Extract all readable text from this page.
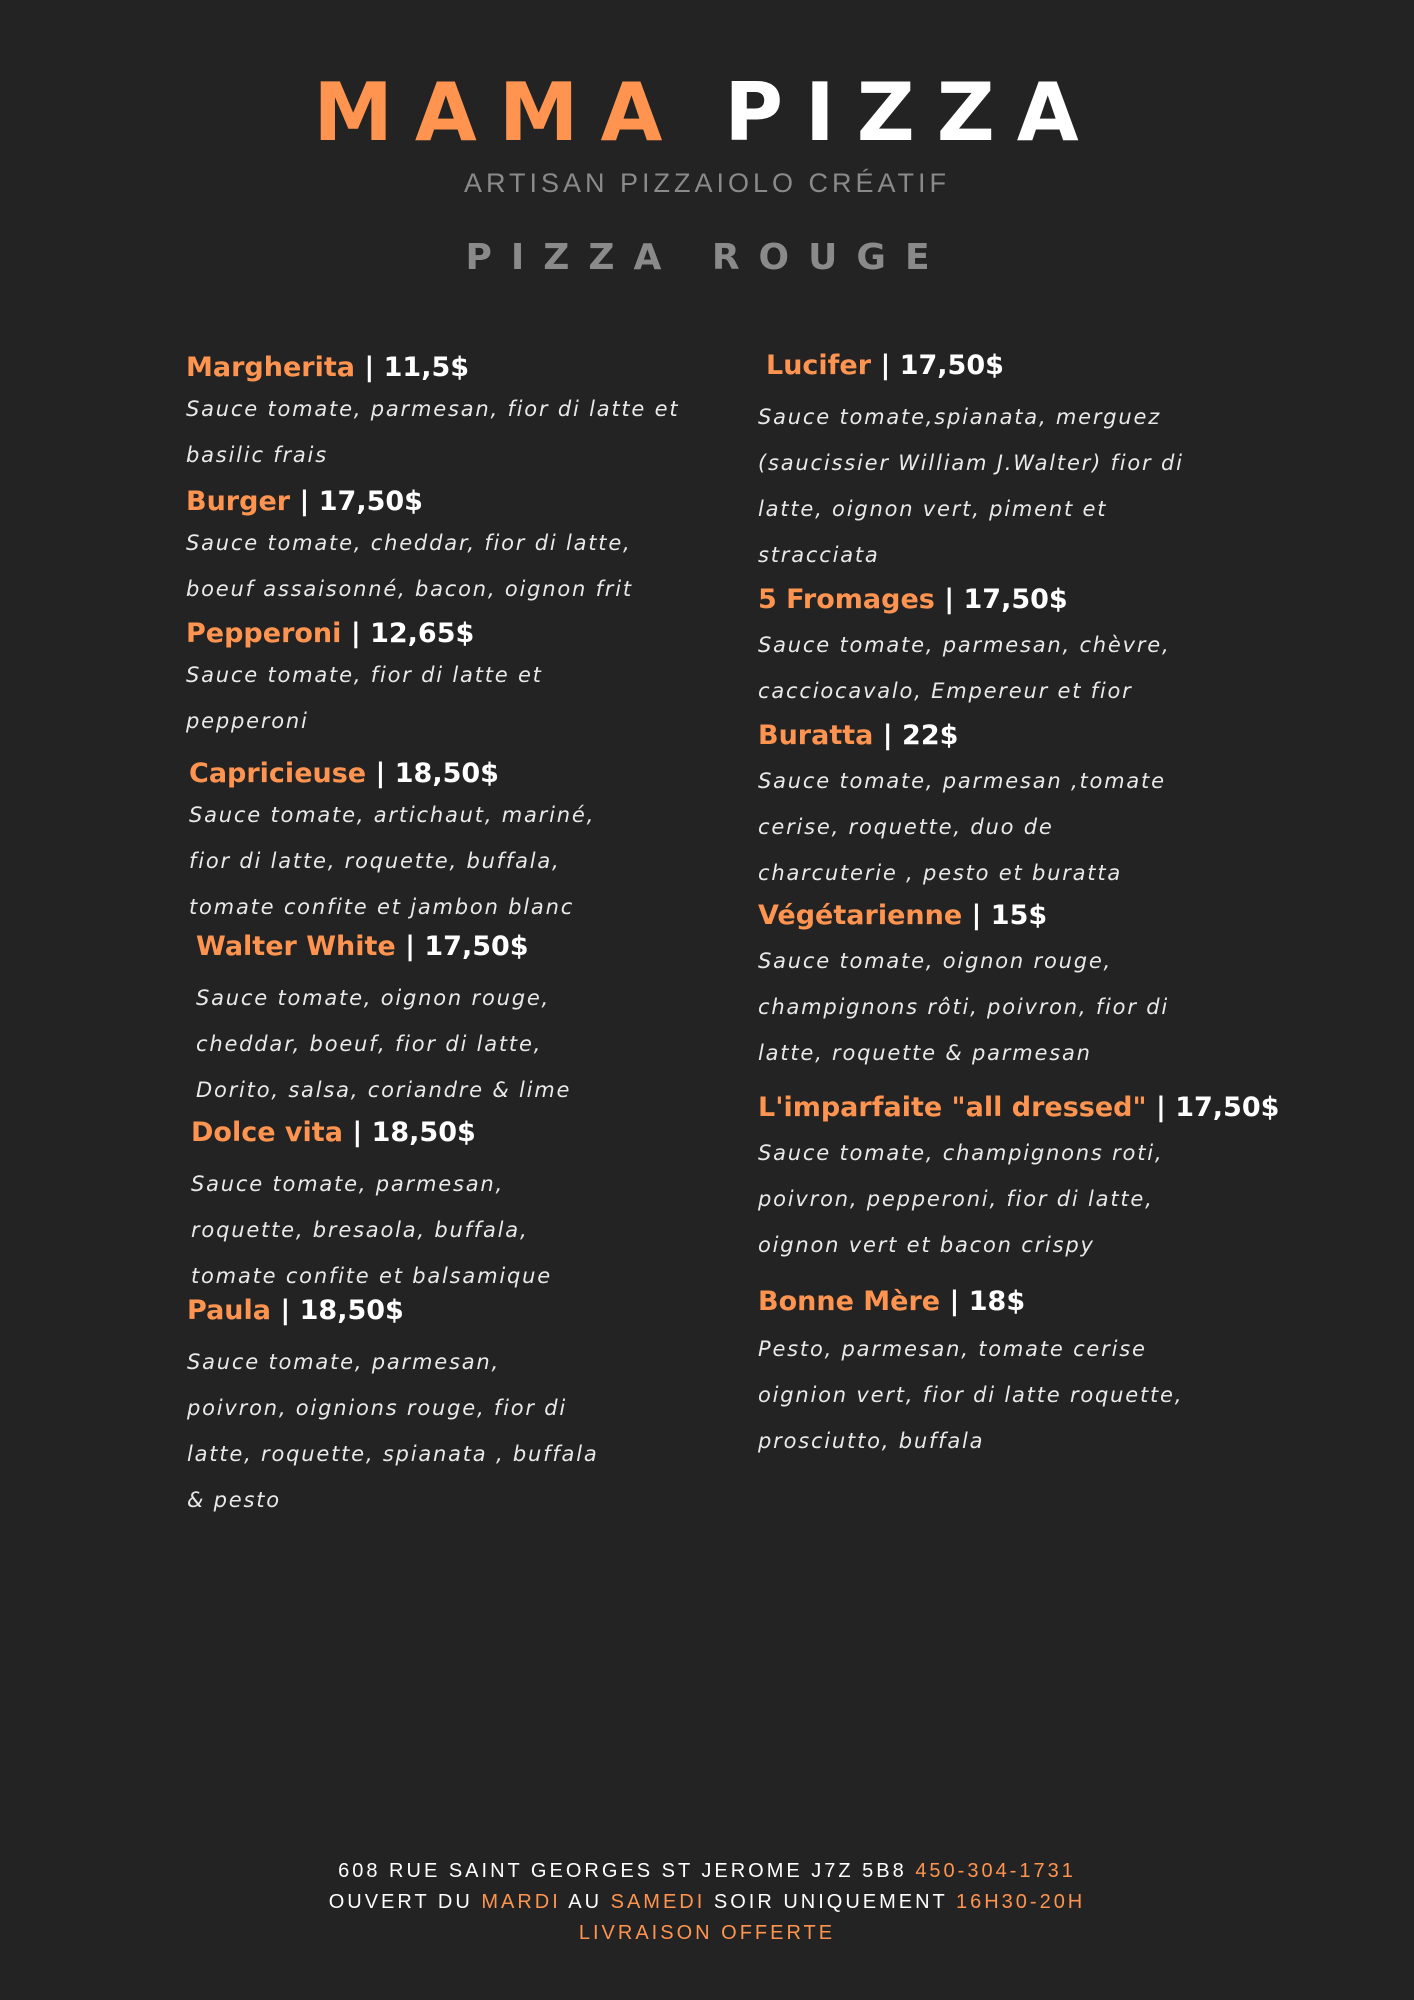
MAMA PIZZA
ARTISAN PIZZAIOLO CRÉATIF
PIZZA ROUGE
Margherita | 11,5$
Sauce tomate, parmesan, fior di latte et basilic frais
Burger | 17,50$
Sauce tomate, cheddar, fior di latte, boeuf assaisonné, bacon, oignon frit
Pepperoni | 12,65$
Sauce tomate, fior di latte et pepperoni
Capricieuse | 18,50$
Sauce tomate, artichaut, mariné, fior di latte, roquette, buffala, tomate confite et jambon blanc
Walter White | 17,50$
Sauce tomate, oignon rouge, cheddar, boeuf, fior di latte, Dorito, salsa, coriandre & lime
Dolce vita | 18,50$
Sauce tomate, parmesan, roquette, bresaola, buffala, tomate confite et balsamique
Paula | 18,50$
Sauce tomate, parmesan, poivron, oignions rouge, fior di latte, roquette, spianata , buffala & pesto
Lucifer | 17,50$
Sauce tomate,spianata, merguez (saucissier William J.Walter) fior di latte, oignon vert, piment et stracciata
5 Fromages | 17,50$
Sauce tomate, parmesan, chèvre, cacciocavalo, Empereur et fior
Buratta | 22$
Sauce tomate, parmesan ,tomate cerise, roquette, duo de charcuterie , pesto et buratta
Végétarienne | 15$
Sauce tomate, oignon rouge, champignons rôti, poivron, fior di latte, roquette & parmesan
L'imparfaite "all dressed" | 17,50$
Sauce tomate, champignons roti, poivron, pepperoni, fior di latte, oignon vert et bacon crispy
Bonne Mère | 18$
Pesto, parmesan, tomate cerise oignion vert, fior di latte roquette, prosciutto, buffala
608 RUE SAINT GEORGES ST JEROME J7Z 5B8 450-304-1731
OUVERT DU MARDI AU SAMEDI SOIR UNIQUEMENT 16H30-20H
LIVRAISON OFFERTE
